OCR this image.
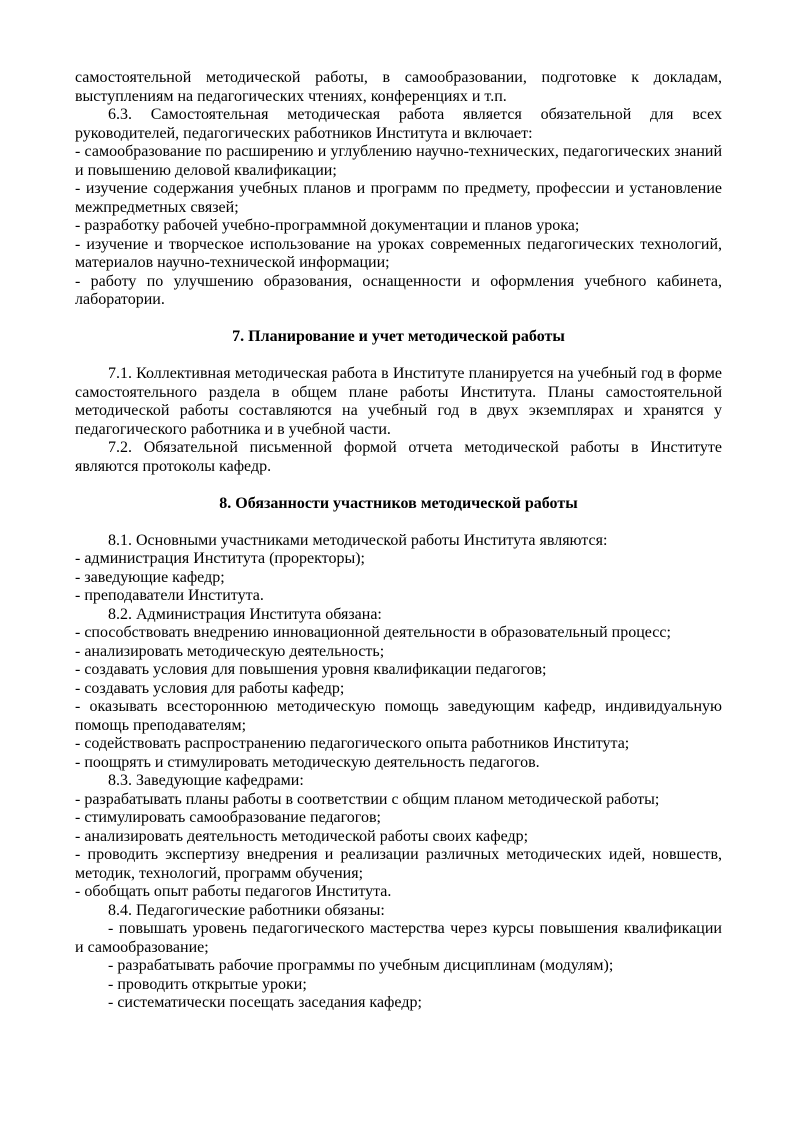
самостоятельной методической работы, в самообразовании, подготовке к докладам, выступлениям на педагогических чтениях, конференциях и т.п.

6.3. Самостоятельная методическая работа является обязательной для всех руководителей, педагогических работников Института и включает:

- самообразование по расширению и углублению научно-технических, педагогических знаний и повышению деловой квалификации;

- изучение содержания учебных планов и программ по предмету, профессии и установление межпредметных связей;

- разработку рабочей учебно-программной документации и планов урока;

- изучение и творческое использование на уроках современных педагогических технологий, материалов научно-технической информации;

- работу по улучшению образования, оснащенности и оформления учебного кабинета, лаборатории.

7. Планирование и учет методической работы

7.1. Коллективная методическая работа в Институте планируется на учебный год в форме самостоятельного раздела в общем плане работы Института. Планы самостоятельной методической работы составляются на учебный год в двух экземплярах и хранятся у педагогического работника и в учебной части.

7.2. Обязательной письменной формой отчета методической работы в Институте являются протоколы кафедр.

8. Обязанности участников методической работы

8.1. Основными участниками методической работы Института являются:

- администрация Института (проректоры);

- заведующие кафедр;

- преподаватели Института.

8.2. Администрация Института обязана:

- способствовать внедрению инновационной деятельности в образовательный процесс;

- анализировать методическую деятельность;

- создавать условия для повышения уровня квалификации педагогов;

- создавать условия для работы кафедр;

- оказывать всестороннюю методическую помощь заведующим кафедр, индивидуальную помощь преподавателям;

- содействовать распространению педагогического опыта работников Института;

- поощрять и стимулировать методическую деятельность педагогов.

8.3. Заведующие кафедрами:

- разрабатывать планы работы в соответствии с общим планом методической работы;

- стимулировать самообразование педагогов;

- анализировать деятельность методической работы своих кафедр;

- проводить экспертизу внедрения и реализации различных методических идей, новшеств, методик, технологий, программ обучения;

- обобщать опыт работы педагогов Института.

8.4. Педагогические работники обязаны:

- повышать уровень педагогического мастерства через курсы повышения квалификации и самообразование;

- разрабатывать рабочие программы по учебным дисциплинам (модулям);

- проводить открытые уроки;

- систематически посещать заседания кафедр;
